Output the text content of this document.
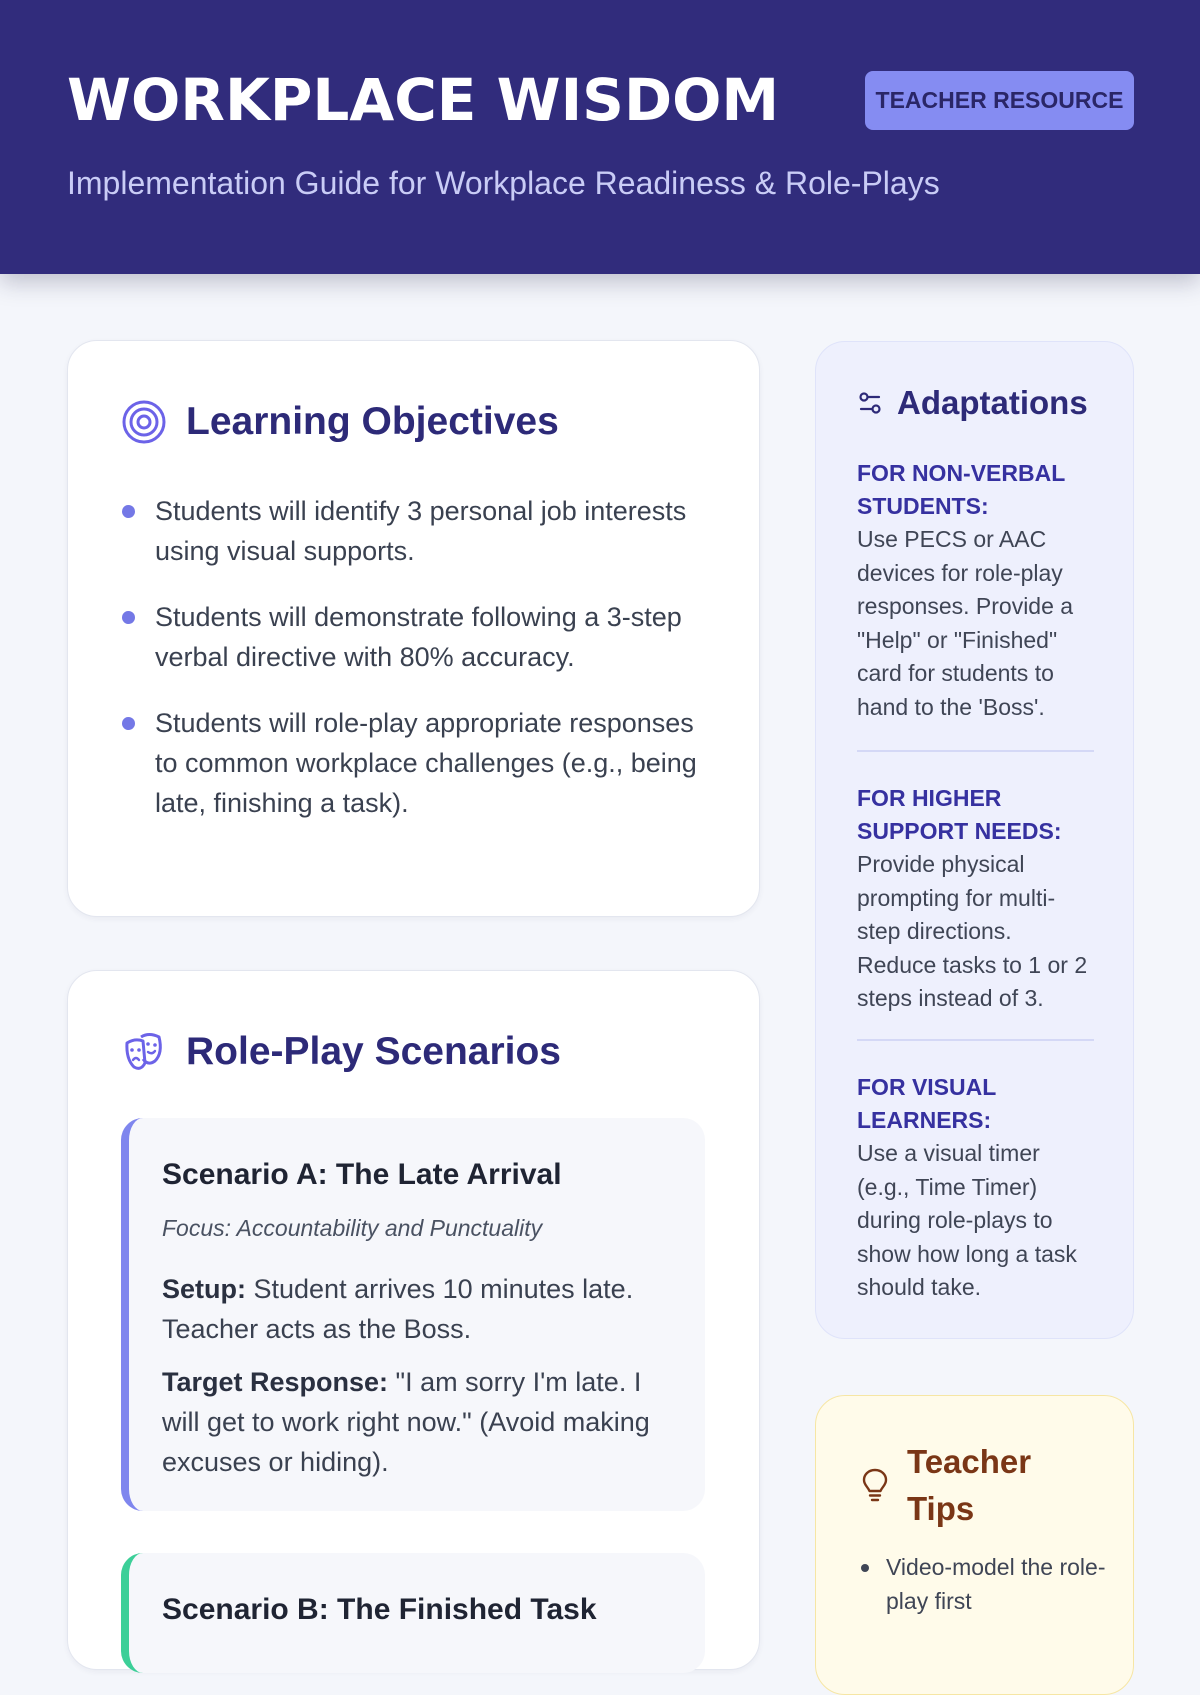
WORKPLACE WISDOM	TEACHER RESOURCE

Implementation Guide for Workplace Readiness & Role-Plays

Learning Objectives
Students will identify 3 personal job interests using visual supports.
Students will demonstrate following a 3-step verbal directive with 80% accuracy.
Students will role-play appropriate responses to common workplace challenges (e.g., being late, finishing a task).
Role-Play Scenarios
Scenario A: The Late Arrival

Focus: Accountability and Punctuality

Setup: Student arrives 10 minutes late. Teacher acts as the Boss.

Target Response: "I am sorry I'm late. I will get to work right now." (Avoid making excuses or hiding).

Scenario B: The Finished Task
Adaptations
FOR NON-VERBAL STUDENTS:
Use PECS or AAC devices for role-play responses. Provide a "Help" or "Finished" card for students to hand to the 'Boss'.
FOR HIGHER SUPPORT NEEDS:
Provide physical prompting for multi-step directions. Reduce tasks to 1 or 2 steps instead of 3.
FOR VISUAL LEARNERS:
Use a visual timer (e.g., Time Timer) during role-plays to show how long a task should take.
Teacher Tips
Video-model the role-play first
